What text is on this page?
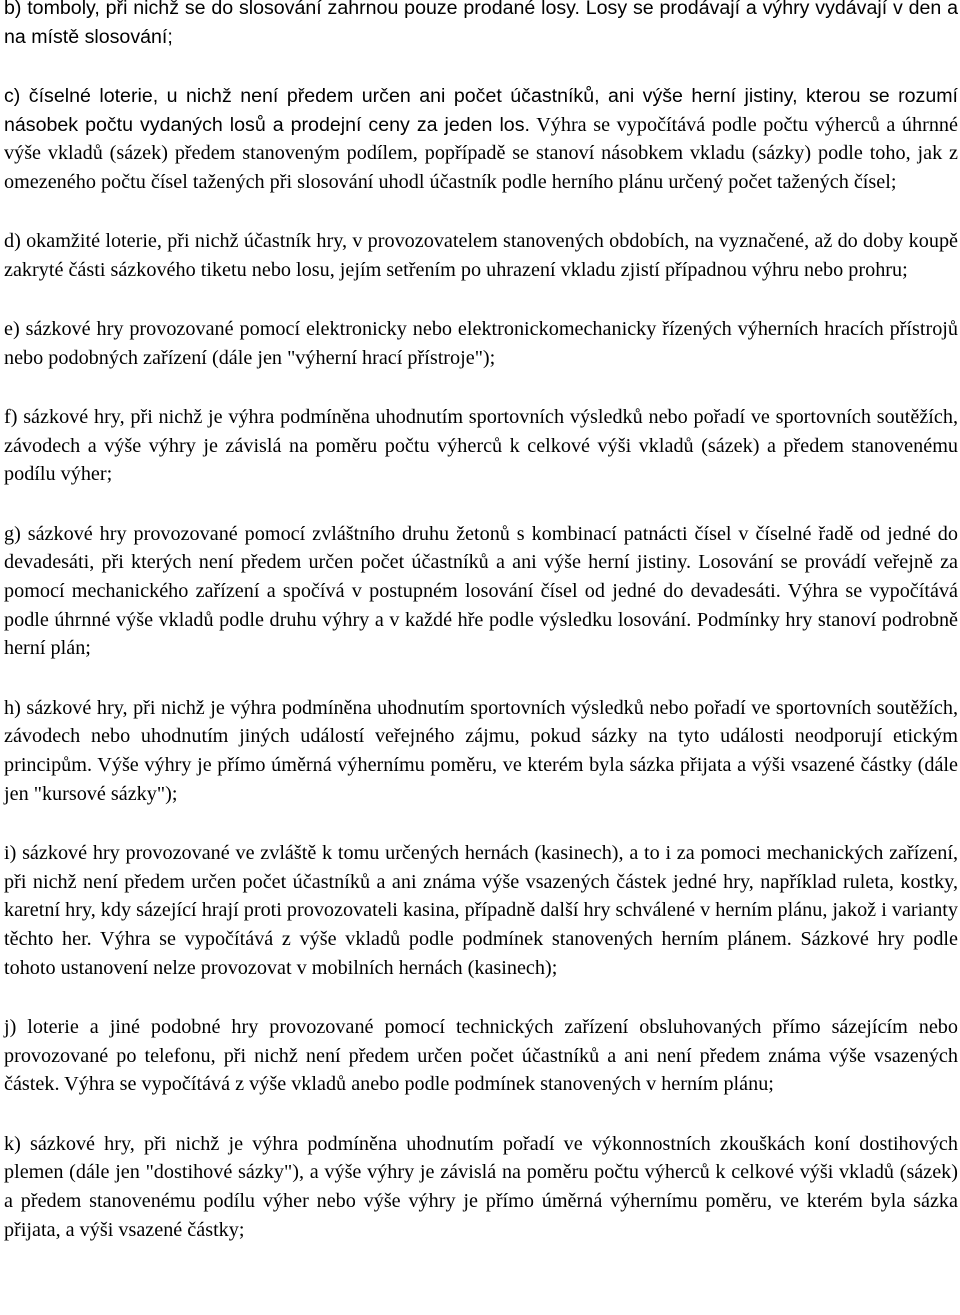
b) tomboly, při nichž se do slosování zahrnou pouze prodané losy. Losy se prodávají a výhry vydávají v den a na místě slosování;

c) číselné loterie, u nichž není předem určen ani počet účastníků, ani výše herní jistiny, kterou se rozumí násobek počtu vydaných losů a prodejní ceny za jeden los. Výhra se vypočítává podle počtu výherců a úhrnné výše vkladů (sázek) předem stanoveným podílem, popřípadě se stanoví násobkem vkladu (sázky) podle toho, jak z omezeného počtu čísel tažených při slosování uhodl účastník podle herního plánu určený počet tažených čísel;

d) okamžité loterie, při nichž účastník hry, v provozovatelem stanovených obdobích, na vyznačené, až do doby koupě zakryté části sázkového tiketu nebo losu, jejím setřením po uhrazení vkladu zjistí případnou výhru nebo prohru;

e) sázkové hry provozované pomocí elektronicky nebo elektronickomechanicky řízených výherních hracích přístrojů nebo podobných zařízení (dále jen "výherní hrací přístroje");

f) sázkové hry, při nichž je výhra podmíněna uhodnutím sportovních výsledků nebo pořadí ve sportovních soutěžích, závodech a výše výhry je závislá na poměru počtu výherců k celkové výši vkladů (sázek) a předem stanovenému podílu výher;

g) sázkové hry provozované pomocí zvláštního druhu žetonů s kombinací patnácti čísel v číselné řadě od jedné do devadesáti, při kterých není předem určen počet účastníků a ani výše herní jistiny. Losování se provádí veřejně za pomocí mechanického zařízení a spočívá v postupném losování čísel od jedné do devadesáti. Výhra se vypočítává podle úhrnné výše vkladů podle druhu výhry a v každé hře podle výsledku losování. Podmínky hry stanoví podrobně herní plán;

h) sázkové hry, při nichž je výhra podmíněna uhodnutím sportovních výsledků nebo pořadí ve sportovních soutěžích, závodech nebo uhodnutím jiných událostí veřejného zájmu, pokud sázky na tyto události neodporují etickým principům. Výše výhry je přímo úměrná výhernímu poměru, ve kterém byla sázka přijata a výši vsazené částky (dále jen "kursové sázky");

i) sázkové hry provozované ve zvláště k tomu určených hernách (kasinech), a to i za pomoci mechanických zařízení, při nichž není předem určen počet účastníků a ani známa výše vsazených částek jedné hry, například ruleta, kostky, karetní hry, kdy sázející hrají proti provozovateli kasina, případně další hry schválené v herním plánu, jakož i varianty těchto her. Výhra se vypočítává z výše vkladů podle podmínek stanovených herním plánem. Sázkové hry podle tohoto ustanovení nelze provozovat v mobilních hernách (kasinech);

j) loterie a jiné podobné hry provozované pomocí technických zařízení obsluhovaných přímo sázejícím nebo provozované po telefonu, při nichž není předem určen počet účastníků a ani není předem známa výše vsazených částek. Výhra se vypočítává z výše vkladů anebo podle podmínek stanovených v herním plánu;

k) sázkové hry, při nichž je výhra podmíněna uhodnutím pořadí ve výkonnostních zkouškách koní dostihových plemen (dále jen "dostihové sázky"), a výše výhry je závislá na poměru počtu výherců k celkové výši vkladů (sázek) a předem stanovenému podílu výher nebo výše výhry je přímo úměrná výhernímu poměru, ve kterém byla sázka přijata, a výši vsazené částky;
